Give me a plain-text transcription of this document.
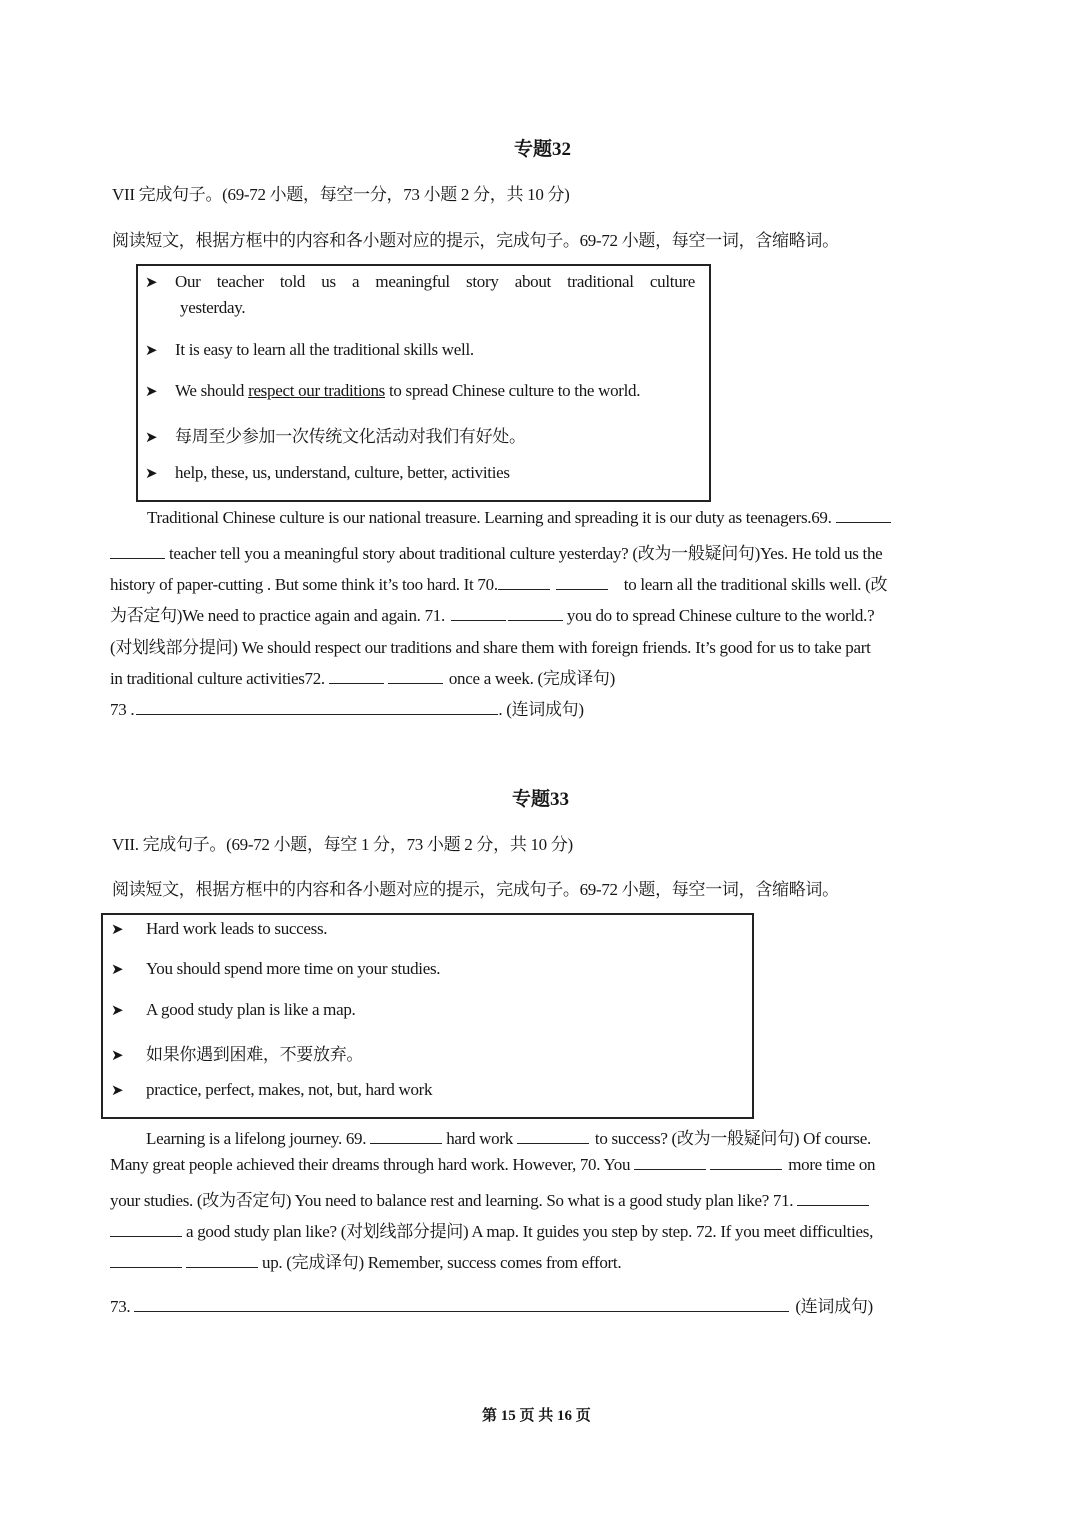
专题32
VII 完成句子。(69-72 小题，每空一分，73 小题 2 分，共 10 分)
阅读短文，根据方框中的内容和各小题对应的提示，完成句子。69-72 小题，每空一词，含缩略词。
➤ Our teacher told us a meaningful story about traditional culture
yesterday.
➤ It is easy to learn all the traditional skills well.
➤ We should respect our traditions to spread Chinese culture to the world.
➤ 每周至少参加一次传统文化活动对我们有好处。
➤ help, these, us, understand, culture, better, activities
Traditional Chinese culture is our national treasure. Learning and spreading it is our duty as teenagers.69.
teacher tell you a meaningful story about traditional culture yesterday? (改为一般疑问句)Yes. He told us the
history of paper-cutting . But some think it’s too hard. It 70.	to learn all the traditional skills well. (改
为否定句)We need to practice again and again. 71.	you do to spread Chinese culture to the world.?
(对划线部分提问) We should respect our traditions and share them with foreign friends. It’s good for us to take part
in traditional culture activities72.	once a week. (完成译句)
73 .	. (连词成句)
专题33
VII. 完成句子。(69-72 小题，每空 1 分，73 小题 2 分，共 10 分)
阅读短文，根据方框中的内容和各小题对应的提示，完成句子。69-72 小题，每空一词，含缩略词。
➤ Hard work leads to success.
➤ You should spend more time on your studies.
➤ A good study plan is like a map.
➤ 如果你遇到困难，不要放弃。
➤ practice, perfect, makes, not, but, hard work
Learning is a lifelong journey. 69.	hard work	to success? (改为一般疑问句) Of course.
Many great people achieved their dreams through hard work. However, 70. You	more time on
your studies. (改为否定句) You need to balance rest and learning. So what is a good study plan like? 71.
a good study plan like? (对划线部分提问) A map. It guides you step by step. 72. If you meet difficulties,
up. (完成译句) Remember, success comes from effort.
73.	(连词成句)
第 15 页 共 16 页
